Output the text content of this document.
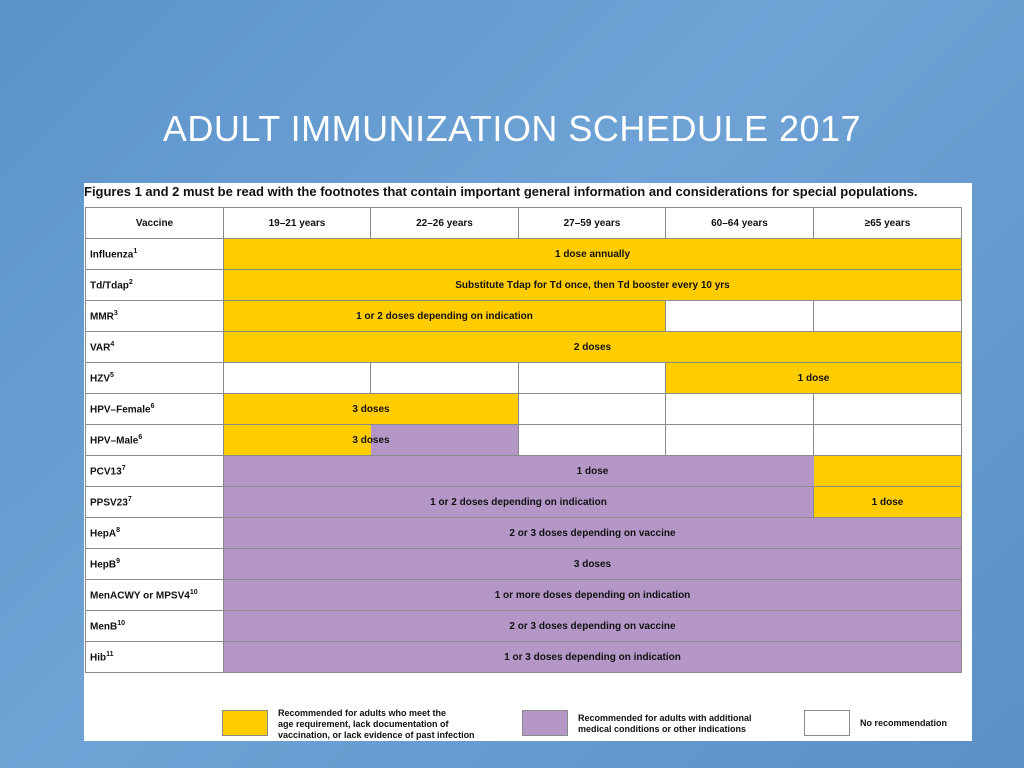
ADULT IMMUNIZATION SCHEDULE 2017
Figures 1 and 2 must be read with the footnotes that contain important general information and considerations for special populations.
Vaccine	19–21 years	22–26 years	27–59 years	60–64 years	≥65 years
Influenza$^1$	1 dose annually				
Td/Tdap$^2$	Substitute Tdap for Td once, then Td booster every 10 yrs				
MMR$^3$	1 or 2 doses depending on indication				
VAR$^4$	2 doses				
HZV$^5$				1 dose	
HPV–Female$^6$	3 doses				
HPV–Male$^6$	3 doses				

$PCV13^7$	1 dose				

$PPSV23^7$	1 or 2 doses depending on indication				1 dose
HepA$^8$	2 or 3 doses depending on vaccine				
HepB$^9$	3 doses				
MenACWY or $MPSV4^{10}$	1 or more doses depending on indication				
MenB$^{10}$	2 or 3 doses depending on vaccine				
Hib$^{11}$	1 or 3 doses depending on indication				
Recommended for adults who meet the
age requirement, lack documentation of
vaccination, or lack evidence of past infection
Recommended for adults with additional
medical conditions or other indications
No recommendation
